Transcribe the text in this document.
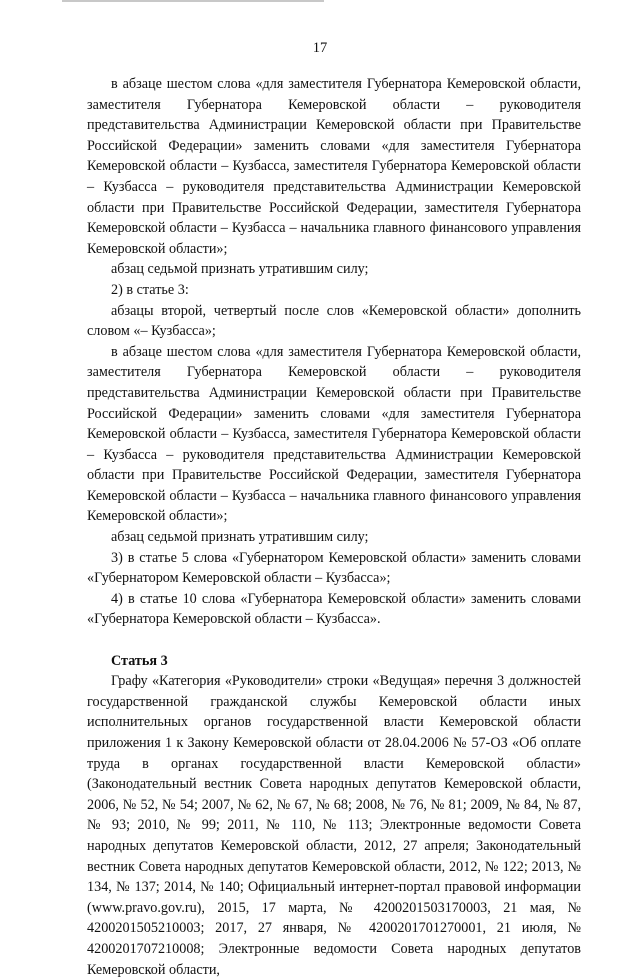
17

в абзаце шестом слова «для заместителя Губернатора Кемеровской области, заместителя Губернатора Кемеровской области – руководителя представительства Администрации Кемеровской области при Правительстве Российской Федерации» заменить словами «для заместителя Губернатора Кемеровской области – Кузбасса, заместителя Губернатора Кемеровской области – Кузбасса – руководителя представительства Администрации Кемеровской области при Правительстве Российской Федерации, заместителя Губернатора Кемеровской области – Кузбасса – начальника главного финансового управления Кемеровской области»;

абзац седьмой признать утратившим силу;

2) в статье 3:

абзацы второй, четвертый после слов «Кемеровской области» дополнить словом «– Кузбасса»;

в абзаце шестом слова «для заместителя Губернатора Кемеровской области, заместителя Губернатора Кемеровской области – руководителя представительства Администрации Кемеровской области при Правительстве Российской Федерации» заменить словами «для заместителя Губернатора Кемеровской области – Кузбасса, заместителя Губернатора Кемеровской области – Кузбасса – руководителя представительства Администрации Кемеровской области при Правительстве Российской Федерации, заместителя Губернатора Кемеровской области – Кузбасса – начальника главного финансового управления Кемеровской области»;

абзац седьмой признать утратившим силу;

3) в статье 5 слова «Губернатором Кемеровской области» заменить словами «Губернатором Кемеровской области – Кузбасса»;

4) в статье 10 слова «Губернатора Кемеровской области» заменить словами «Губернатора Кемеровской области – Кузбасса».

Статья 3

Графу «Категория «Руководители» строки «Ведущая» перечня 3 должностей государственной гражданской службы Кемеровской области иных исполнительных органов государственной власти Кемеровской области приложения 1 к Закону Кемеровской области от 28.04.2006 № 57-ОЗ «Об оплате труда в органах государственной власти Кемеровской области» (Законодательный вестник Совета народных депутатов Кемеровской области, 2006, № 52, № 54; 2007, № 62, № 67, № 68; 2008, № 76, № 81; 2009, № 84, № 87, № 93; 2010, № 99; 2011, № 110, № 113; Электронные ведомости Совета народных депутатов Кемеровской области, 2012, 27 апреля; Законодательный вестник Совета народных депутатов Кемеровской области, 2012, № 122; 2013, № 134, № 137; 2014, № 140; Официальный интернет-портал правовой информации (www.pravo.gov.ru), 2015, 17 марта, № 4200201503170003, 21 мая, № 4200201505210003; 2017, 27 января, № 4200201701270001, 21 июля, № 4200201707210008; Электронные ведомости Совета народных депутатов Кемеровской области,
